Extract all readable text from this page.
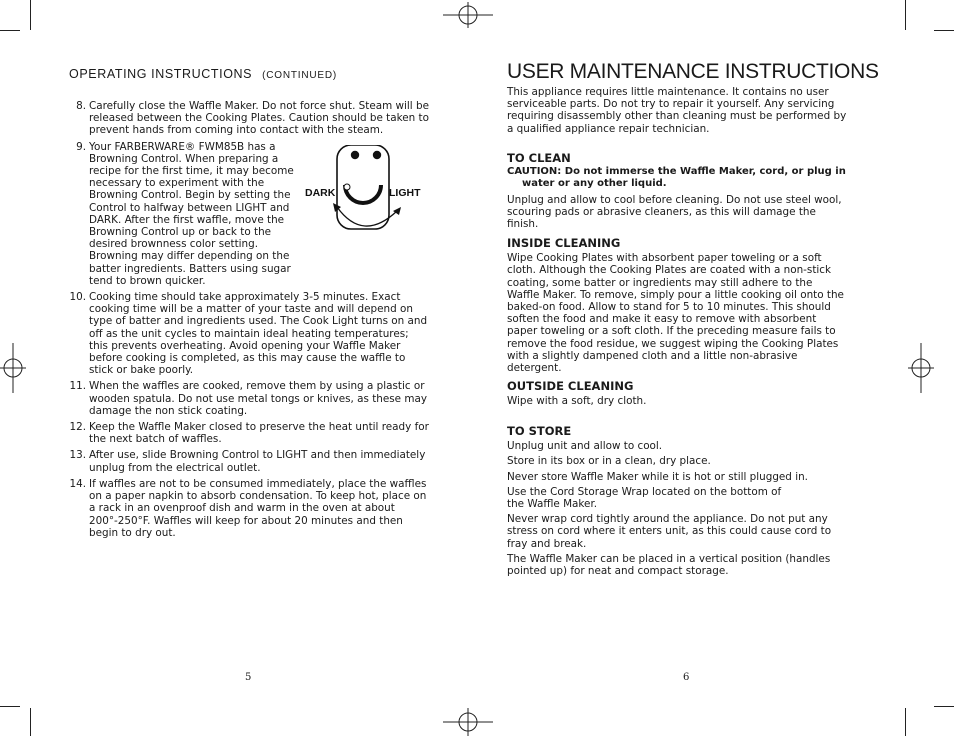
OPERATING INSTRUCTIONS (CONTINUED)
8. Carefully close the Waffle Maker. Do not force shut. Steam will be released between the Cooking Plates. Caution should be taken to prevent hands from coming into contact with the steam.
9. Your FARBERWARE® FWM85B has a Browning Control. When preparing a recipe for the first time, it may become necessary to experiment with the Browning Control. Begin by setting the Control to halfway between LIGHT and DARK. After the first waffle, move the Browning Control up or back to the desired brownness color setting. Browning may differ depending on the batter ingredients. Batters using sugar tend to brown quicker.
DARK	LIGHT
10. Cooking time should take approximately 3-5 minutes. Exact cooking time will be a matter of your taste and will depend on type of batter and ingredients used. The Cook Light turns on and off as the unit cycles to maintain ideal heating temperatures; this prevents overheating. Avoid opening your Waffle Maker before cooking is completed, as this may cause the waffle to stick or bake poorly.
11. When the waffles are cooked, remove them by using a plastic or wooden spatula. Do not use metal tongs or knives, as these may damage the non stick coating.
12. Keep the Waffle Maker closed to preserve the heat until ready for the next batch of waffles.
13. After use, slide Browning Control to LIGHT and then immediately unplug from the electrical outlet.
14. If waffles are not to be consumed immediately, place the waffles on a paper napkin to absorb condensation. To keep hot, place on a rack in an ovenproof dish and warm in the oven at about 200°-250°F. Waffles will keep for about 20 minutes and then begin to dry out.
5
USER MAINTENANCE INSTRUCTIONS
This appliance requires little maintenance. It contains no user serviceable parts. Do not try to repair it yourself. Any servicing requiring disassembly other than cleaning must be performed by a qualified appliance repair technician.
TO CLEAN
CAUTION: Do not immerse the Waffle Maker, cord, or plug in
water or any other liquid.

Unplug and allow to cool before cleaning. Do not use steel wool, scouring pads or abrasive cleaners, as this will damage the finish.

INSIDE CLEANING

Wipe Cooking Plates with absorbent paper toweling or a soft cloth. Although the Cooking Plates are coated with a non-stick coating, some batter or ingredients may still adhere to the Waffle Maker. To remove, simply pour a little cooking oil onto the baked-on food. Allow to stand for 5 to 10 minutes. This should soften the food and make it easy to remove with absorbent paper toweling or a soft cloth. If the preceding measure fails to remove the food residue, we suggest wiping the Cooking Plates with a slightly dampened cloth and a little non-abrasive detergent.

OUTSIDE CLEANING

Wipe with a soft, dry cloth.

TO STORE

Unplug unit and allow to cool.

Store in its box or in a clean, dry place.

Never store Waffle Maker while it is hot or still plugged in.

Use the Cord Storage Wrap located on the bottom of the Waffle Maker.

Never wrap cord tightly around the appliance. Do not put any stress on cord where it enters unit, as this could cause cord to fray and break.

The Waffle Maker can be placed in a vertical position (handles pointed up) for neat and compact storage.

6
